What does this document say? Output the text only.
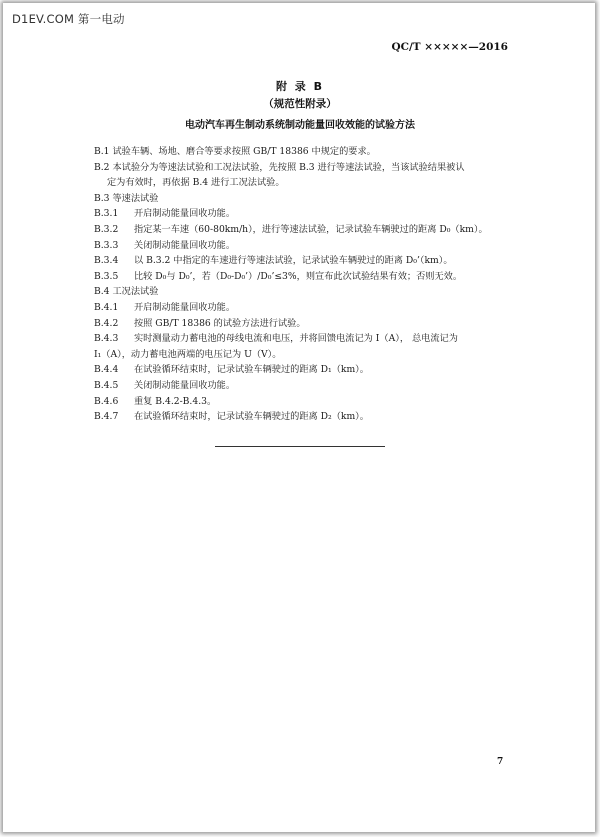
D1EV.COM 第一电动
QC/T ×××××—2016
附 录 B
（规范性附录）
电动汽车再生制动系统制动能量回收效能的试验方法
B.1 试验车辆、场地、磨合等要求按照 GB/T 18386 中规定的要求。
B.2 本试验分为等速法试验和工况法试验，先按照 B.3 进行等速法试验，当该试验结果被认
定为有效时，再依据 B.4 进行工况法试验。
B.3 等速法试验
B.3.1 开启制动能量回收功能。
B.3.2 指定某一车速（60-80km/h），进行等速法试验，记录试验车辆驶过的距离 D₀（km）。
B.3.3 关闭制动能量回收功能。
B.3.4 以 B.3.2 中指定的车速进行等速法试验，记录试验车辆驶过的距离 D₀’（km）。
B.3.5 比较 D₀与 D₀’，若（D₀-D₀’）/D₀’≤3%，则宣布此次试验结果有效；否则无效。
B.4 工况法试验
B.4.1 开启制动能量回收功能。
B.4.2 按照 GB/T 18386 的试验方法进行试验。
B.4.3 实时测量动力蓄电池的母线电流和电压，并将回馈电流记为 I（A）， 总电流记为
I₁（A），动力蓄电池两端的电压记为 U（V）。
B.4.4 在试验循环结束时，记录试验车辆驶过的距离 D₁（km）。
B.4.5 关闭制动能量回收功能。
B.4.6 重复 B.4.2-B.4.3。
B.4.7 在试验循环结束时，记录试验车辆驶过的距离 D₂（km）。
7
